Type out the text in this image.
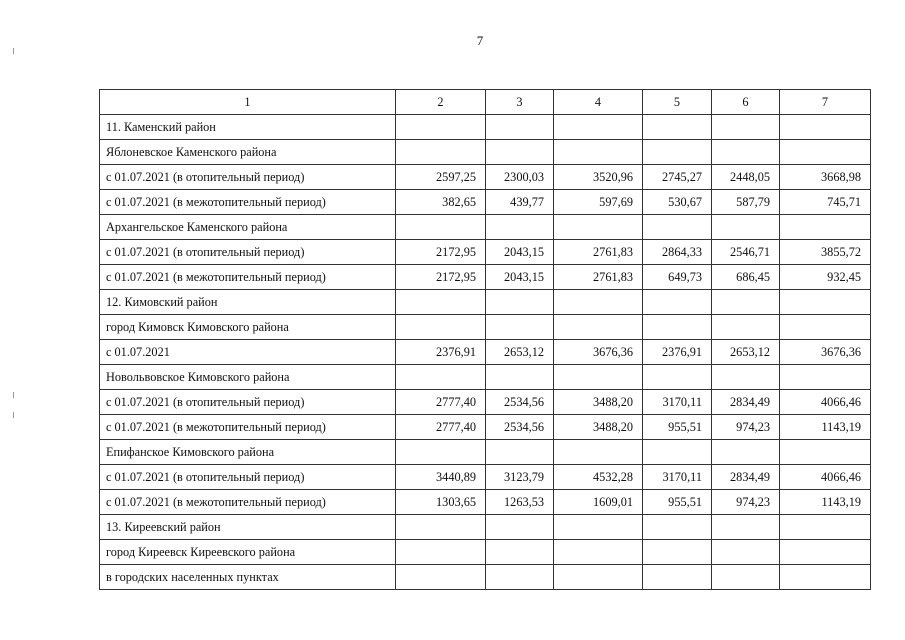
7
1	2	3	4	5	6	7
11. Каменский район						
Яблоневское Каменского района						
с 01.07.2021 (в отопительный период)	2597,25	2300,03	3520,96	2745,27	2448,05	3668,98
с 01.07.2021 (в межотопительный период)	382,65	439,77	597,69	530,67	587,79	745,71
Архангельское Каменского района						
с 01.07.2021 (в отопительный период)	2172,95	2043,15	2761,83	2864,33	2546,71	3855,72
с 01.07.2021 (в межотопительный период)	2172,95	2043,15	2761,83	649,73	686,45	932,45
12. Кимовский район						
город Кимовск Кимовского района						
с 01.07.2021	2376,91	2653,12	3676,36	2376,91	2653,12	3676,36
Новольвовское Кимовского района						
с 01.07.2021 (в отопительный период)	2777,40	2534,56	3488,20	3170,11	2834,49	4066,46
с 01.07.2021 (в межотопительный период)	2777,40	2534,56	3488,20	955,51	974,23	1143,19
Епифанское Кимовского района						
с 01.07.2021 (в отопительный период)	3440,89	3123,79	4532,28	3170,11	2834,49	4066,46
с 01.07.2021 (в межотопительный период)	1303,65	1263,53	1609,01	955,51	974,23	1143,19
13. Киреевский район						
город Киреевск Киреевского района						
в городских населенных пунктах						
